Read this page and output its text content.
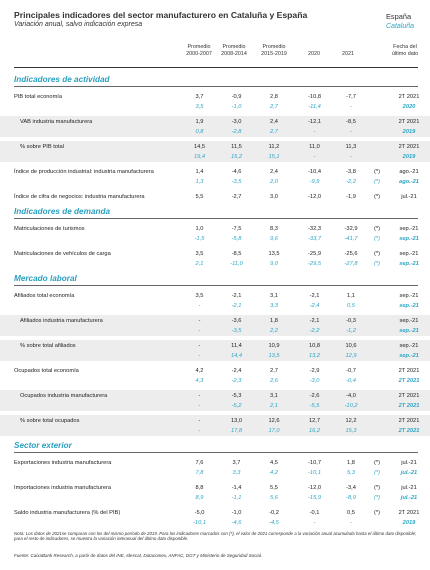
Principales indicadores del sector manufacturero en Cataluña y España
Variación anual, salvo indicación expresa
España
Cataluña
Promedio
2000-2007
Promedio
2008-2014
Promedio
2015-2019	2020	2021
Fecha del
último dato
Indicadores de actividad							

PIB total economía	3,7	-0,9	2,8	-10,8	-7,7		2T 2021
	3,5	-1,0	2,7	-11,4	-		2020

VAB industria manufacturera	1,9	-3,0	2,4	-12,1	-8,5		2T 2021
	0,8	-2,8	2,7	-	-		2019

% sobre PIB total	14,5	11,5	11,2	11,0	11,3		2T 2021
	19,4	15,2	15,1	-	-		2019

Índice de producción industrial: industria manufacturera	1,4	-4,6	2,4	-10,4	-3,8	(*)	ago.-21
	1,3	-3,5	2,0	-9,9	-2,2	(*)	ago.-21

Índice de cifra de negocios: industria manufacturera	5,5	-2,7	3,0	-12,0	-1,9	(*)	jul.-21

Indicadores de demanda							

Matriculaciones de turismos	1,0	-7,5	8,3	-32,3	-32,9	(*)	sep.-21
	-1,5	-5,8	9,6	-33,7	-41,7	(*)	sep.-21

Matriculaciones de vehículos de carga	3,5	-8,5	13,5	-25,9	-25,6	(*)	sep.-21
	2,1	-11,0	9,0	-29,5	-27,8	(*)	sep.-21

Mercado laboral							

Afiliados total economía	3,5	-2,1	3,1	-2,1	1,1		sep.-21
	-	-2,1	3,3	-2,4	0,5		sep.-21

Afiliados industria manufacturera	-	-3,6	1,8	-2,1	-0,3		sep.-21
	-	-3,5	2,2	-2,2	-1,2		sep.-21

% sobre total afiliados	-	11,4	10,9	10,8	10,6		sep.-21
	-	14,4	13,5	13,2	12,9		sep.-21

Ocupados total economía	4,2	-2,4	2,7	-2,9	-0,7		2T 2021
	4,3	-2,3	2,6	-3,0	-0,4		2T 2021

Ocupados industria manufacturera	-	-5,3	3,1	-2,6	-4,0		2T 2021
	-	-5,2	2,1	-5,5	-10,2		2T 2021

% sobre total ocupados	-	13,0	12,6	12,7	12,2		2T 2021
	-	17,8	17,0	16,2	15,3		2T 2021

Sector exterior							

Exportaciones industria manufacturera	7,6	3,7	4,5	-10,7	1,8	(*)	jul.-21
	7,8	3,3	4,2	-10,1	5,3	(*)	jul.-21

Importaciones industria manufacturera	8,8	-1,4	5,5	-12,0	-3,4	(*)	jul.-21
	8,9	-1,1	5,6	-15,9	-8,9	(*)	jul.-21

Saldo industria manufacturera (% del PIB)	-5,0	-1,0	-0,2	-0,1	0,5	(*)	2T 2021
	-10,1	-4,6	-4,5	-	-		2019
Nota: Los datos de 2021se comparan con los del mismo período de 2019. Para los indicadores marcados con (*), el valor de 2021 corresponde a la variación anual acumulada hasta el último dato disponible; para el resto de indicadores, se muestra la variación interanual del último dato disponible.
Fuente: CaixaBank Research, a partir de datos del INE, Idescat, Datacomex, ANFAC, DGT y Ministerio de Seguridad Social.
